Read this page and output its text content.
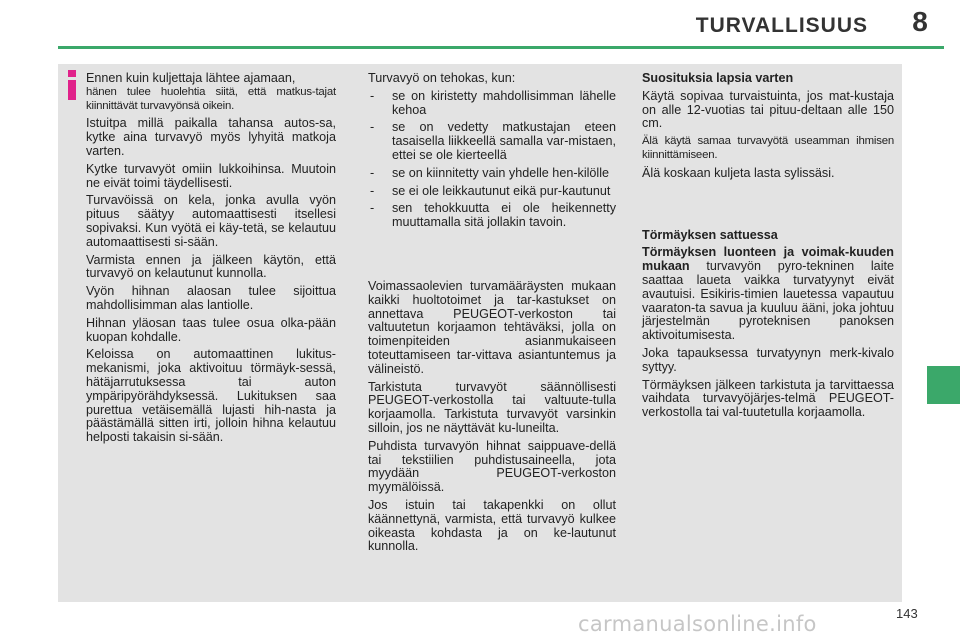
TURVALLISUUS	8

Ennen kuin kuljettaja lähtee ajamaan,

hänen tulee huolehtia siitä, että matkus-tajat kiinnittävät turvavyönsä oikein.

Istuitpa millä paikalla tahansa autos-sa, kytke aina turvavyö myös lyhyitä matkoja varten.

Kytke turvavyöt omiin lukkoihinsa. Muutoin ne eivät toimi täydellisesti.

Turvavöissä on kela, jonka avulla vyön pituus säätyy automaattisesti itsellesi sopivaksi. Kun vyötä ei käy-tetä, se kelautuu automaattisesti si-sään.

Varmista ennen ja jälkeen käytön, että turvavyö on kelautunut kunnolla.

Vyön hihnan alaosan tulee sijoittua mahdollisimman alas lantiolle.

Hihnan yläosan taas tulee osua olka-pään kuopan kohdalle.

Keloissa on automaattinen lukitus-mekanismi, joka aktivoituu törmäyk-sessä, hätäjarrutuksessa tai auton ympäripyörähdyksessä. Lukituksen saa purettua vetäisemällä lujasti hih-nasta ja päästämällä sitten irti, jolloin hihna kelautuu helposti takaisin si-sään.

Turvavyö on tehokas, kun:

- se on kiristetty mahdollisimman lähelle kehoa
- se on vedetty matkustajan eteen tasaisella liikkeellä samalla var-mistaen, ettei se ole kierteellä
- se on kiinnitetty vain yhdelle hen-kilölle
- se ei ole leikkautunut eikä pur-kautunut
- sen tehokkuutta ei ole heikennetty muuttamalla sitä jollakin tavoin.

Voimassaolevien turvamääräysten mukaan kaikki huoltotoimet ja tar-kastukset on annettava PEUGEOT-verkoston tai valtuutetun korjaamon tehtäväksi, jolla on toimenpiteiden asianmukaiseen toteuttamiseen tar-vittava asiantuntemus ja välineistö.

Tarkistuta turvavyöt säännöllisesti PEUGEOT-verkostolla tai valtuute-tulla korjaamolla. Tarkistuta turvavyöt varsinkin silloin, jos ne näyttävät ku-luneilta.

Puhdista turvavyön hihnat saippuave-dellä tai tekstiilien puhdistusaineella, jota myydään PEUGEOT-verkoston myymälöissä.

Jos istuin tai takapenkki on ollut käännettynä, varmista, että turvavyö kulkee oikeasta kohdasta ja on ke-lautunut kunnolla.

Suosituksia lapsia varten

Käytä sopivaa turvaistuinta, jos mat-kustaja on alle 12-vuotias tai pituu-deltaan alle 150 cm.

Älä käytä samaa turvavyötä useamman ihmisen kiinnittämiseen.

Älä koskaan kuljeta lasta sylissäsi.

Törmäyksen sattuessa

Törmäyksen luonteen ja voimak-kuuden mukaan turvavyön pyro-tekninen laite saattaa laueta vaikka turvatyynyt eivät avautuisi. Esikiris-timien lauetessa vapautuu vaaraton-ta savua ja kuuluu ääni, joka johtuu järjestelmän pyroteknisen panoksen aktivoitumisesta.

Joka tapauksessa turvatyynyn merk-kivalo syttyy.

Törmäyksen jälkeen tarkistuta ja tarvittaessa vaihdata turvavyöjärjes-telmä PEUGEOT-verkostolla tai val-tuutetulla korjaamolla.

carmanualsonline.info	143
